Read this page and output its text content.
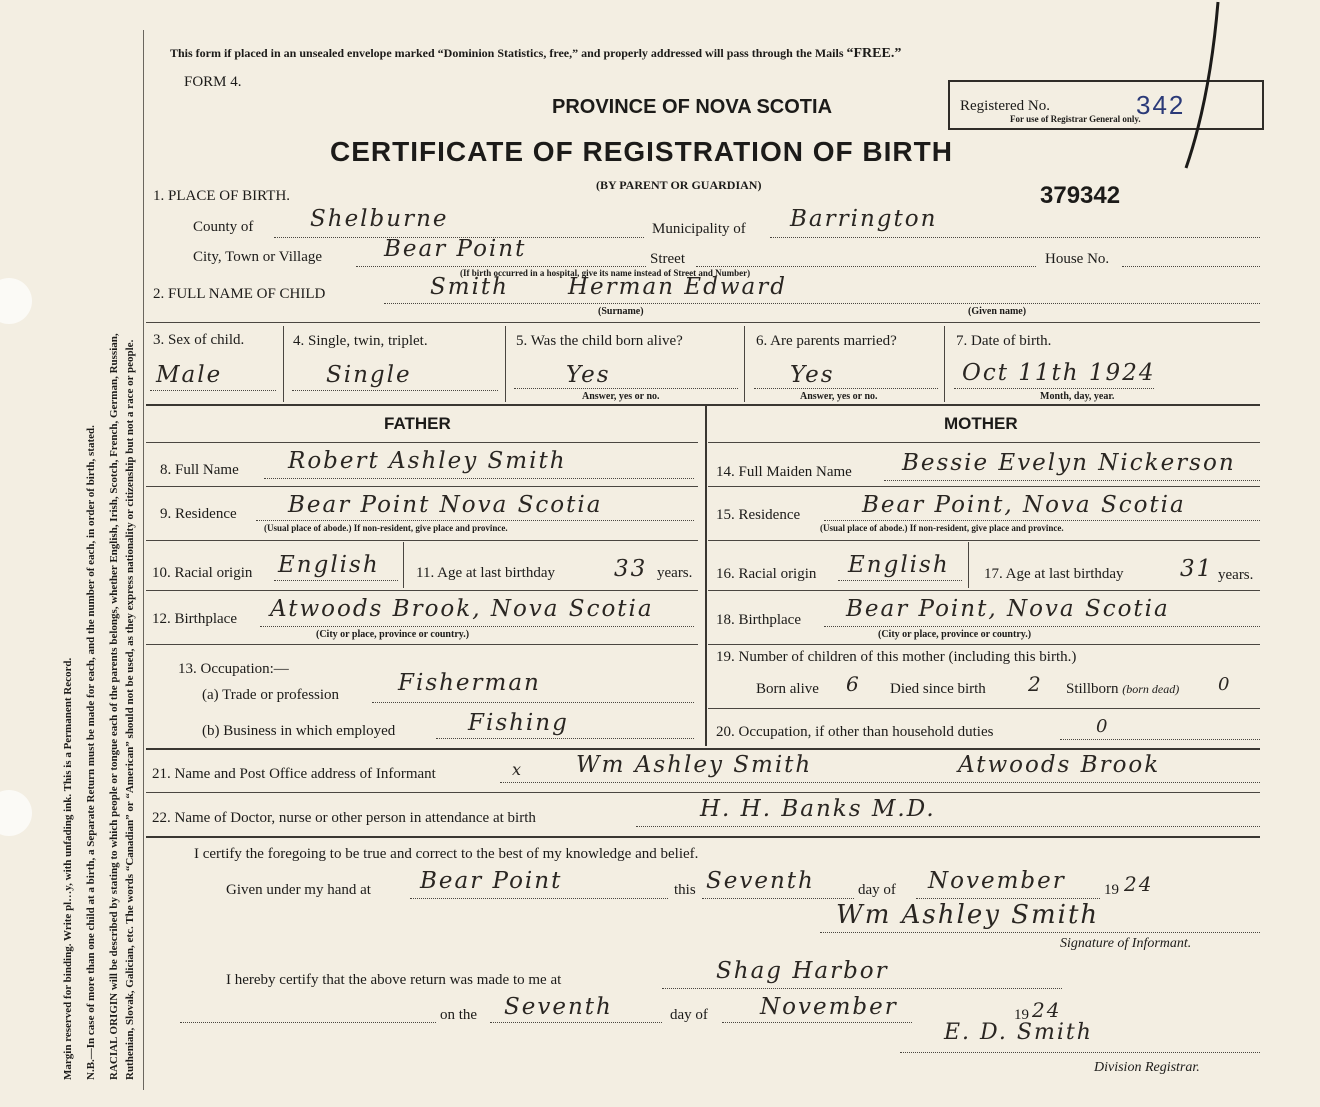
Margin reserved for binding. Write pl…y, with unfading ink. This is a Permanent Record. N.B.—In case of more than one child at a birth, a Separate Return must be made for each, and the number of each, in order of birth, stated. RACIAL ORIGIN will be described by stating to which people or tongue each of the parents belongs, whether English, Irish, Scotch, French, German, Russian, Ruthenian, Slovak, Galician, etc. The words “Canadian” or “American” should not be used, as they express nationality or citizenship but not a race or people.
This form if placed in an unsealed envelope marked “Dominion Statistics, free,” and properly addressed will pass through the Mails “FREE.”
FORM 4.
PROVINCE OF NOVA SCOTIA
CERTIFICATE OF REGISTRATION OF BIRTH
(BY PARENT OR GUARDIAN)
Registered No.	342
For use of Registrar General only.
379342
1. PLACE OF BIRTH.
County of Shelburne	Municipality of Barrington
City, Town or Village	Bear Point	Street	House No.
(If birth occurred in a hospital, give its name instead of Street and Number)
2. FULL NAME OF CHILD	Smith	Herman Edward
(Surname)	(Given name)
3. Sex of child.
Male
4. Single, twin, triplet.
Single
5. Was the child born alive?
Yes
Answer, yes or no.
6. Are parents married?
Yes
Answer, yes or no.
7. Date of birth.
Oct 11th 1924
Month, day, year.
FATHER
8. Full Name Robert Ashley Smith
9. Residence Bear Point Nova Scotia
(Usual place of abode.) If non-resident, give place and province.
10. Racial origin English 11. Age at last birthday	33 years.
12. Birthplace Atwoods Brook, Nova Scotia
(City or place, province or country.)
13. Occupation:—
(a) Trade or profession	Fisherman
(b) Business in which employed	Fishing
MOTHER
14. Full Maiden Name Bessie Evelyn Nickerson
15. Residence	Bear Point, Nova Scotia
(Usual place of abode.) If non-resident, give place and province.
16. Racial origin English 17. Age at last birthday 31 years.
18. Birthplace Bear Point, Nova Scotia
(City or place, province or country.)
19. Number of children of this mother (including this birth.)
Born alive 6 Died since birth 2 Stillborn (born dead) 0
20. Occupation, if other than household duties	0
21. Name and Post Office address of Informant	x Wm Ashley Smith	Atwoods Brook
22. Name of Doctor, nurse or other person in attendance at birth	H. H. Banks M.D.
I certify the foregoing to be true and correct to the best of my knowledge and belief.
Given under my hand at Bear Point	this Seventh	day of November	19 24
Wm Ashley Smith
Signature of Informant.
I hereby certify that the above return was made to me at	Shag Harbor
on the Seventh	day of November	19 24
E. D. Smith
Division Registrar.
